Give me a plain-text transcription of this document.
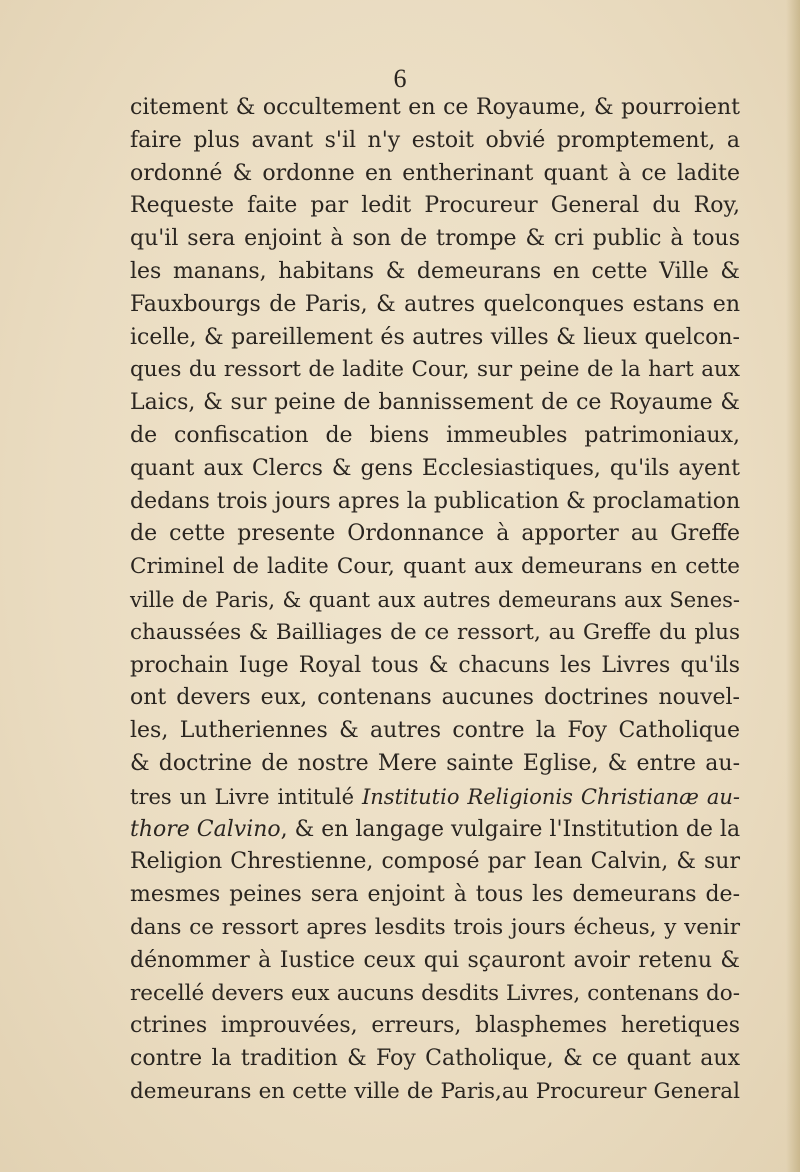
6
citement & occultement en ce Royaume, & pourroient
faire plus avant s'il n'y estoit obvié promptement, a
ordonné & ordonne en entherinant quant à ce ladite
Requeste faite par ledit Procureur General du Roy,
qu'il sera enjoint à son de trompe & cri public à tous
les manans, habitans & demeurans en cette Ville &
Fauxbourgs de Paris, & autres quelconques estans en
icelle, & pareillement és autres villes & lieux quelcon-
ques du ressort de ladite Cour, sur peine de la hart aux
Laics, & sur peine de bannissement de ce Royaume &
de confiscation de biens immeubles patrimoniaux,
quant aux Clercs & gens Ecclesiastiques, qu'ils ayent
dedans trois jours apres la publication & proclamation
de cette presente Ordonnance à apporter au Greffe
Criminel de ladite Cour, quant aux demeurans en cette
ville de Paris, & quant aux autres demeurans aux Senes-
chaussées & Bailliages de ce ressort, au Greffe du plus
prochain Iuge Royal tous & chacuns les Livres qu'ils
ont devers eux, contenans aucunes doctrines nouvel-
les, Lutheriennes & autres contre la Foy Catholique
& doctrine de nostre Mere sainte Eglise, & entre au-
tres un Livre intitulé Institutio Religionis Christianæ au-
thore Calvino, & en langage vulgaire l'Institution de la
Religion Chrestienne, composé par Iean Calvin, & sur
mesmes peines sera enjoint à tous les demeurans de-
dans ce ressort apres lesdits trois jours écheus, y venir
dénommer à Iustice ceux qui sçauront avoir retenu &
recellé devers eux aucuns desdits Livres, contenans do-
ctrines improuvées, erreurs, blasphemes heretiques
contre la tradition & Foy Catholique, & ce quant aux
demeurans en cette ville de Paris,au Procureur General
